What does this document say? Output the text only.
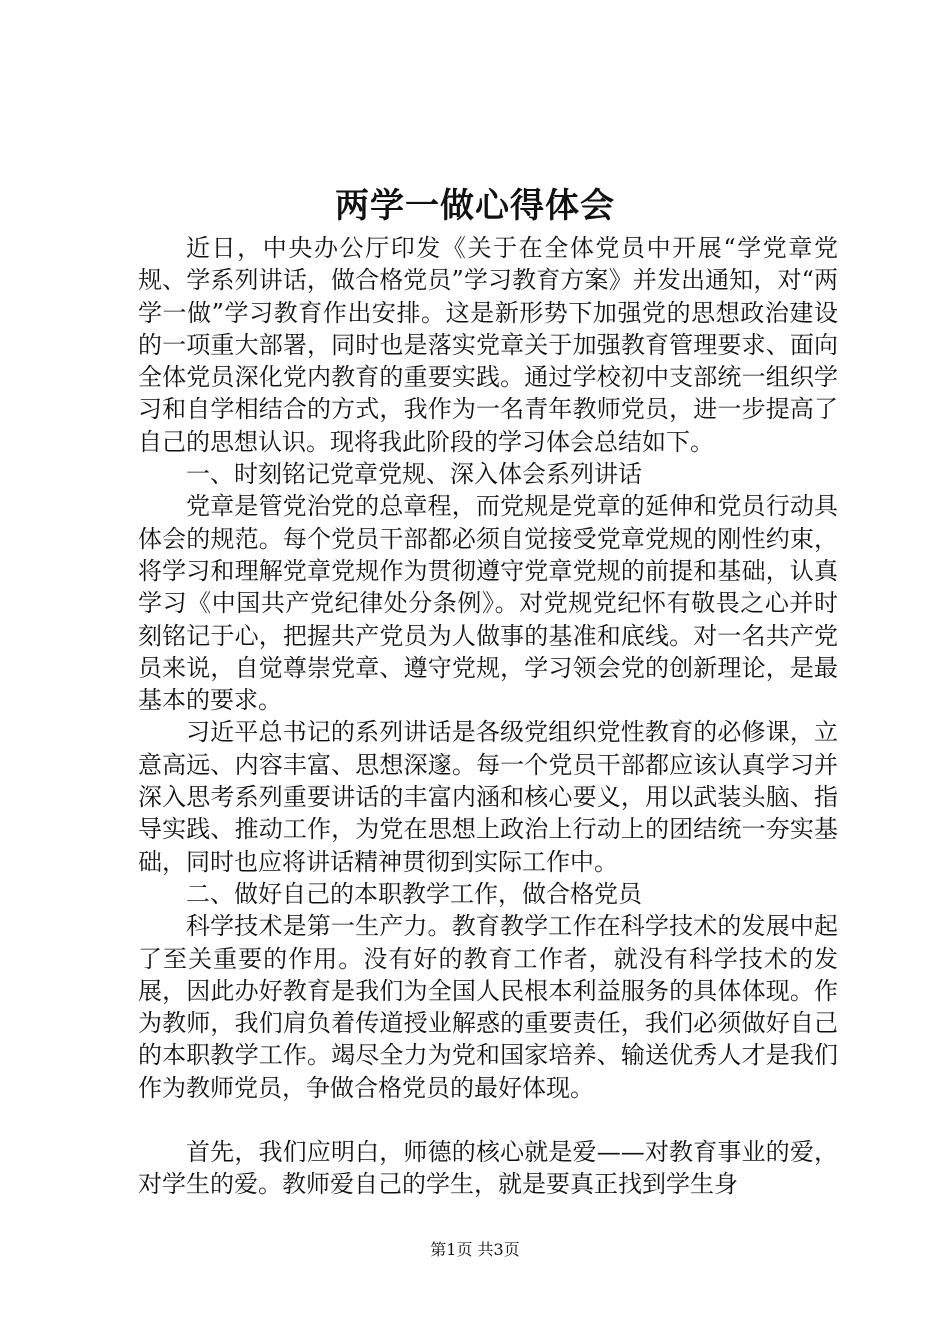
两学一做心得体会

近日，中央办公厅印发《关于在全体党员中开展“学党章党规、学系列讲话，做合格党员”学习教育方案》并发出通知，对“两学一做”学习教育作出安排。这是新形势下加强党的思想政治建设的一项重大部署，同时也是落实党章关于加强教育管理要求、面向全体党员深化党内教育的重要实践。通过学校初中支部统一组织学习和自学相结合的方式，我作为一名青年教师党员，进一步提高了自己的思想认识。现将我此阶段的学习体会总结如下。

一、时刻铭记党章党规、深入体会系列讲话

党章是管党治党的总章程，而党规是党章的延伸和党员行动具体会的规范。每个党员干部都必须自觉接受党章党规的刚性约束，将学习和理解党章党规作为贯彻遵守党章党规的前提和基础，认真学习《中国共产党纪律处分条例》。对党规党纪怀有敬畏之心并时刻铭记于心，把握共产党员为人做事的基准和底线。对一名共产党员来说，自觉尊崇党章、遵守党规，学习领会党的创新理论，是最基本的要求。

习近平总书记的系列讲话是各级党组织党性教育的必修课，立意高远、内容丰富、思想深邃。每一个党员干部都应该认真学习并深入思考系列重要讲话的丰富内涵和核心要义，用以武装头脑、指导实践、推动工作，为党在思想上政治上行动上的团结统一夯实基础，同时也应将讲话精神贯彻到实际工作中。

二、做好自己的本职教学工作，做合格党员

科学技术是第一生产力。教育教学工作在科学技术的发展中起了至关重要的作用。没有好的教育工作者，就没有科学技术的发展，因此办好教育是我们为全国人民根本利益服务的具体体现。作为教师，我们肩负着传道授业解惑的重要责任，我们必须做好自己的本职教学工作。竭尽全力为党和国家培养、输送优秀人才是我们作为教师党员，争做合格党员的最好体现。

首先，我们应明白，师德的核心就是爱——对教育事业的爱，对学生的爱。教师爱自己的学生，就是要真正找到学生身

第1页 共3页
